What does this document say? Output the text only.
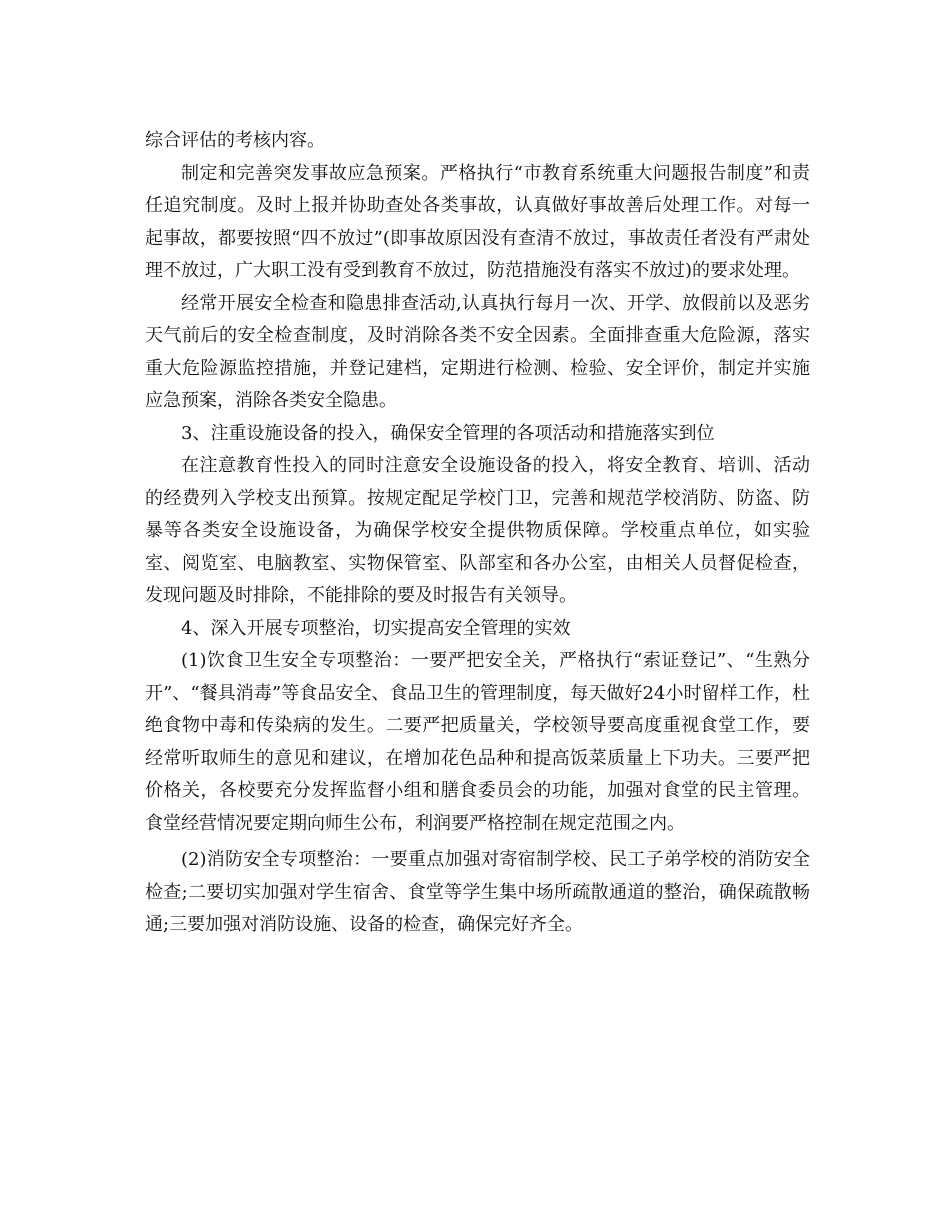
综合评估的考核内容。

制定和完善突发事故应急预案。严格执行“市教育系统重大问题报告制度”和责任追究制度。及时上报并协助查处各类事故，认真做好事故善后处理工作。对每一起事故，都要按照“四不放过”(即事故原因没有查清不放过，事故责任者没有严肃处理不放过，广大职工没有受到教育不放过，防范措施没有落实不放过)的要求处理。

经常开展安全检查和隐患排查活动,认真执行每月一次、开学、放假前以及恶劣天气前后的安全检查制度，及时消除各类不安全因素。全面排查重大危险源，落实重大危险源监控措施，并登记建档，定期进行检测、检验、安全评价，制定并实施应急预案，消除各类安全隐患。

3、注重设施设备的投入，确保安全管理的各项活动和措施落实到位

在注意教育性投入的同时注意安全设施设备的投入，将安全教育、培训、活动的经费列入学校支出预算。按规定配足学校门卫，完善和规范学校消防、防盗、防暴等各类安全设施设备，为确保学校安全提供物质保障。学校重点单位，如实验室、阅览室、电脑教室、实物保管室、队部室和各办公室，由相关人员督促检查，发现问题及时排除，不能排除的要及时报告有关领导。

4、深入开展专项整治，切实提高安全管理的实效

(1)饮食卫生安全专项整治：一要严把安全关，严格执行“索证登记”、“生熟分开”、“餐具消毒”等食品安全、食品卫生的管理制度，每天做好24小时留样工作，杜绝食物中毒和传染病的发生。二要严把质量关，学校领导要高度重视食堂工作，要经常听取师生的意见和建议，在增加花色品种和提高饭菜质量上下功夫。三要严把价格关，各校要充分发挥监督小组和膳食委员会的功能，加强对食堂的民主管理。食堂经营情况要定期向师生公布，利润要严格控制在规定范围之内。

(2)消防安全专项整治：一要重点加强对寄宿制学校、民工子弟学校的消防安全检查;二要切实加强对学生宿舍、食堂等学生集中场所疏散通道的整治，确保疏散畅通;三要加强对消防设施、设备的检查，确保完好齐全。
